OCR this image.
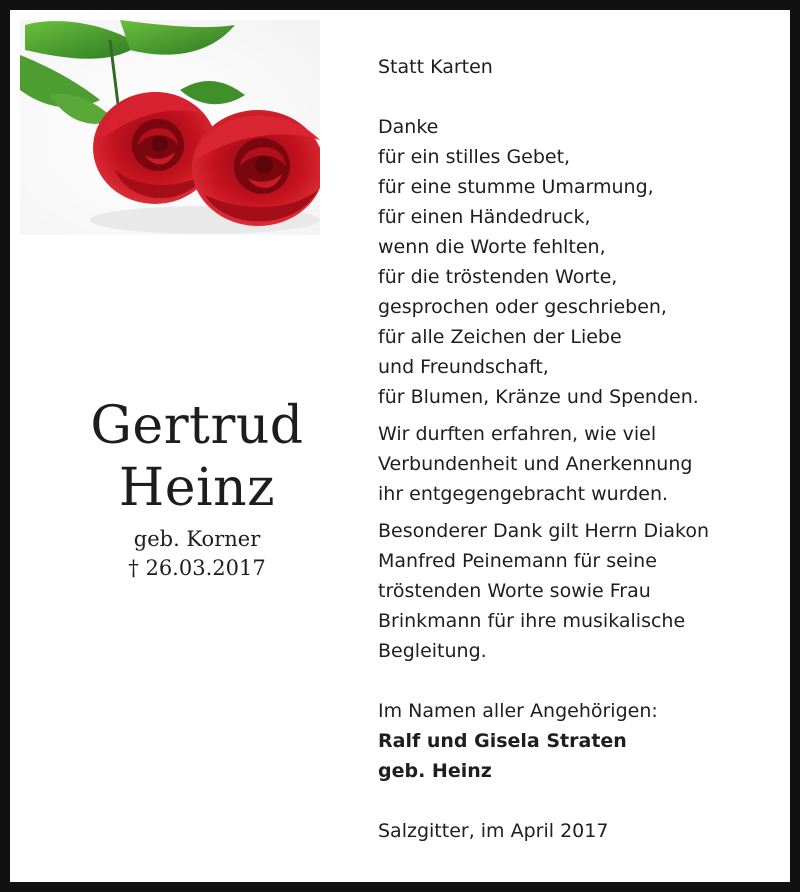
Gertrud
Heinz
geb. Korner
† 26.03.2017
Statt Karten
Danke
für ein stilles Gebet,
für eine stumme Umarmung,
für einen Händedruck,
wenn die Worte fehlten,
für die tröstenden Worte,
gesprochen oder geschrieben,
für alle Zeichen der Liebe
und Freundschaft,
für Blumen, Kränze und Spenden.
Wir durften erfahren, wie viel
Verbundenheit und Anerkennung
ihr entgegengebracht wurden.
Besonderer Dank gilt Herrn Diakon
Manfred Peinemann für seine
tröstenden Worte sowie Frau
Brinkmann für ihre musikalische
Begleitung.
Im Namen aller Angehörigen:
Ralf und Gisela Straten
geb. Heinz
Salzgitter, im April 2017
